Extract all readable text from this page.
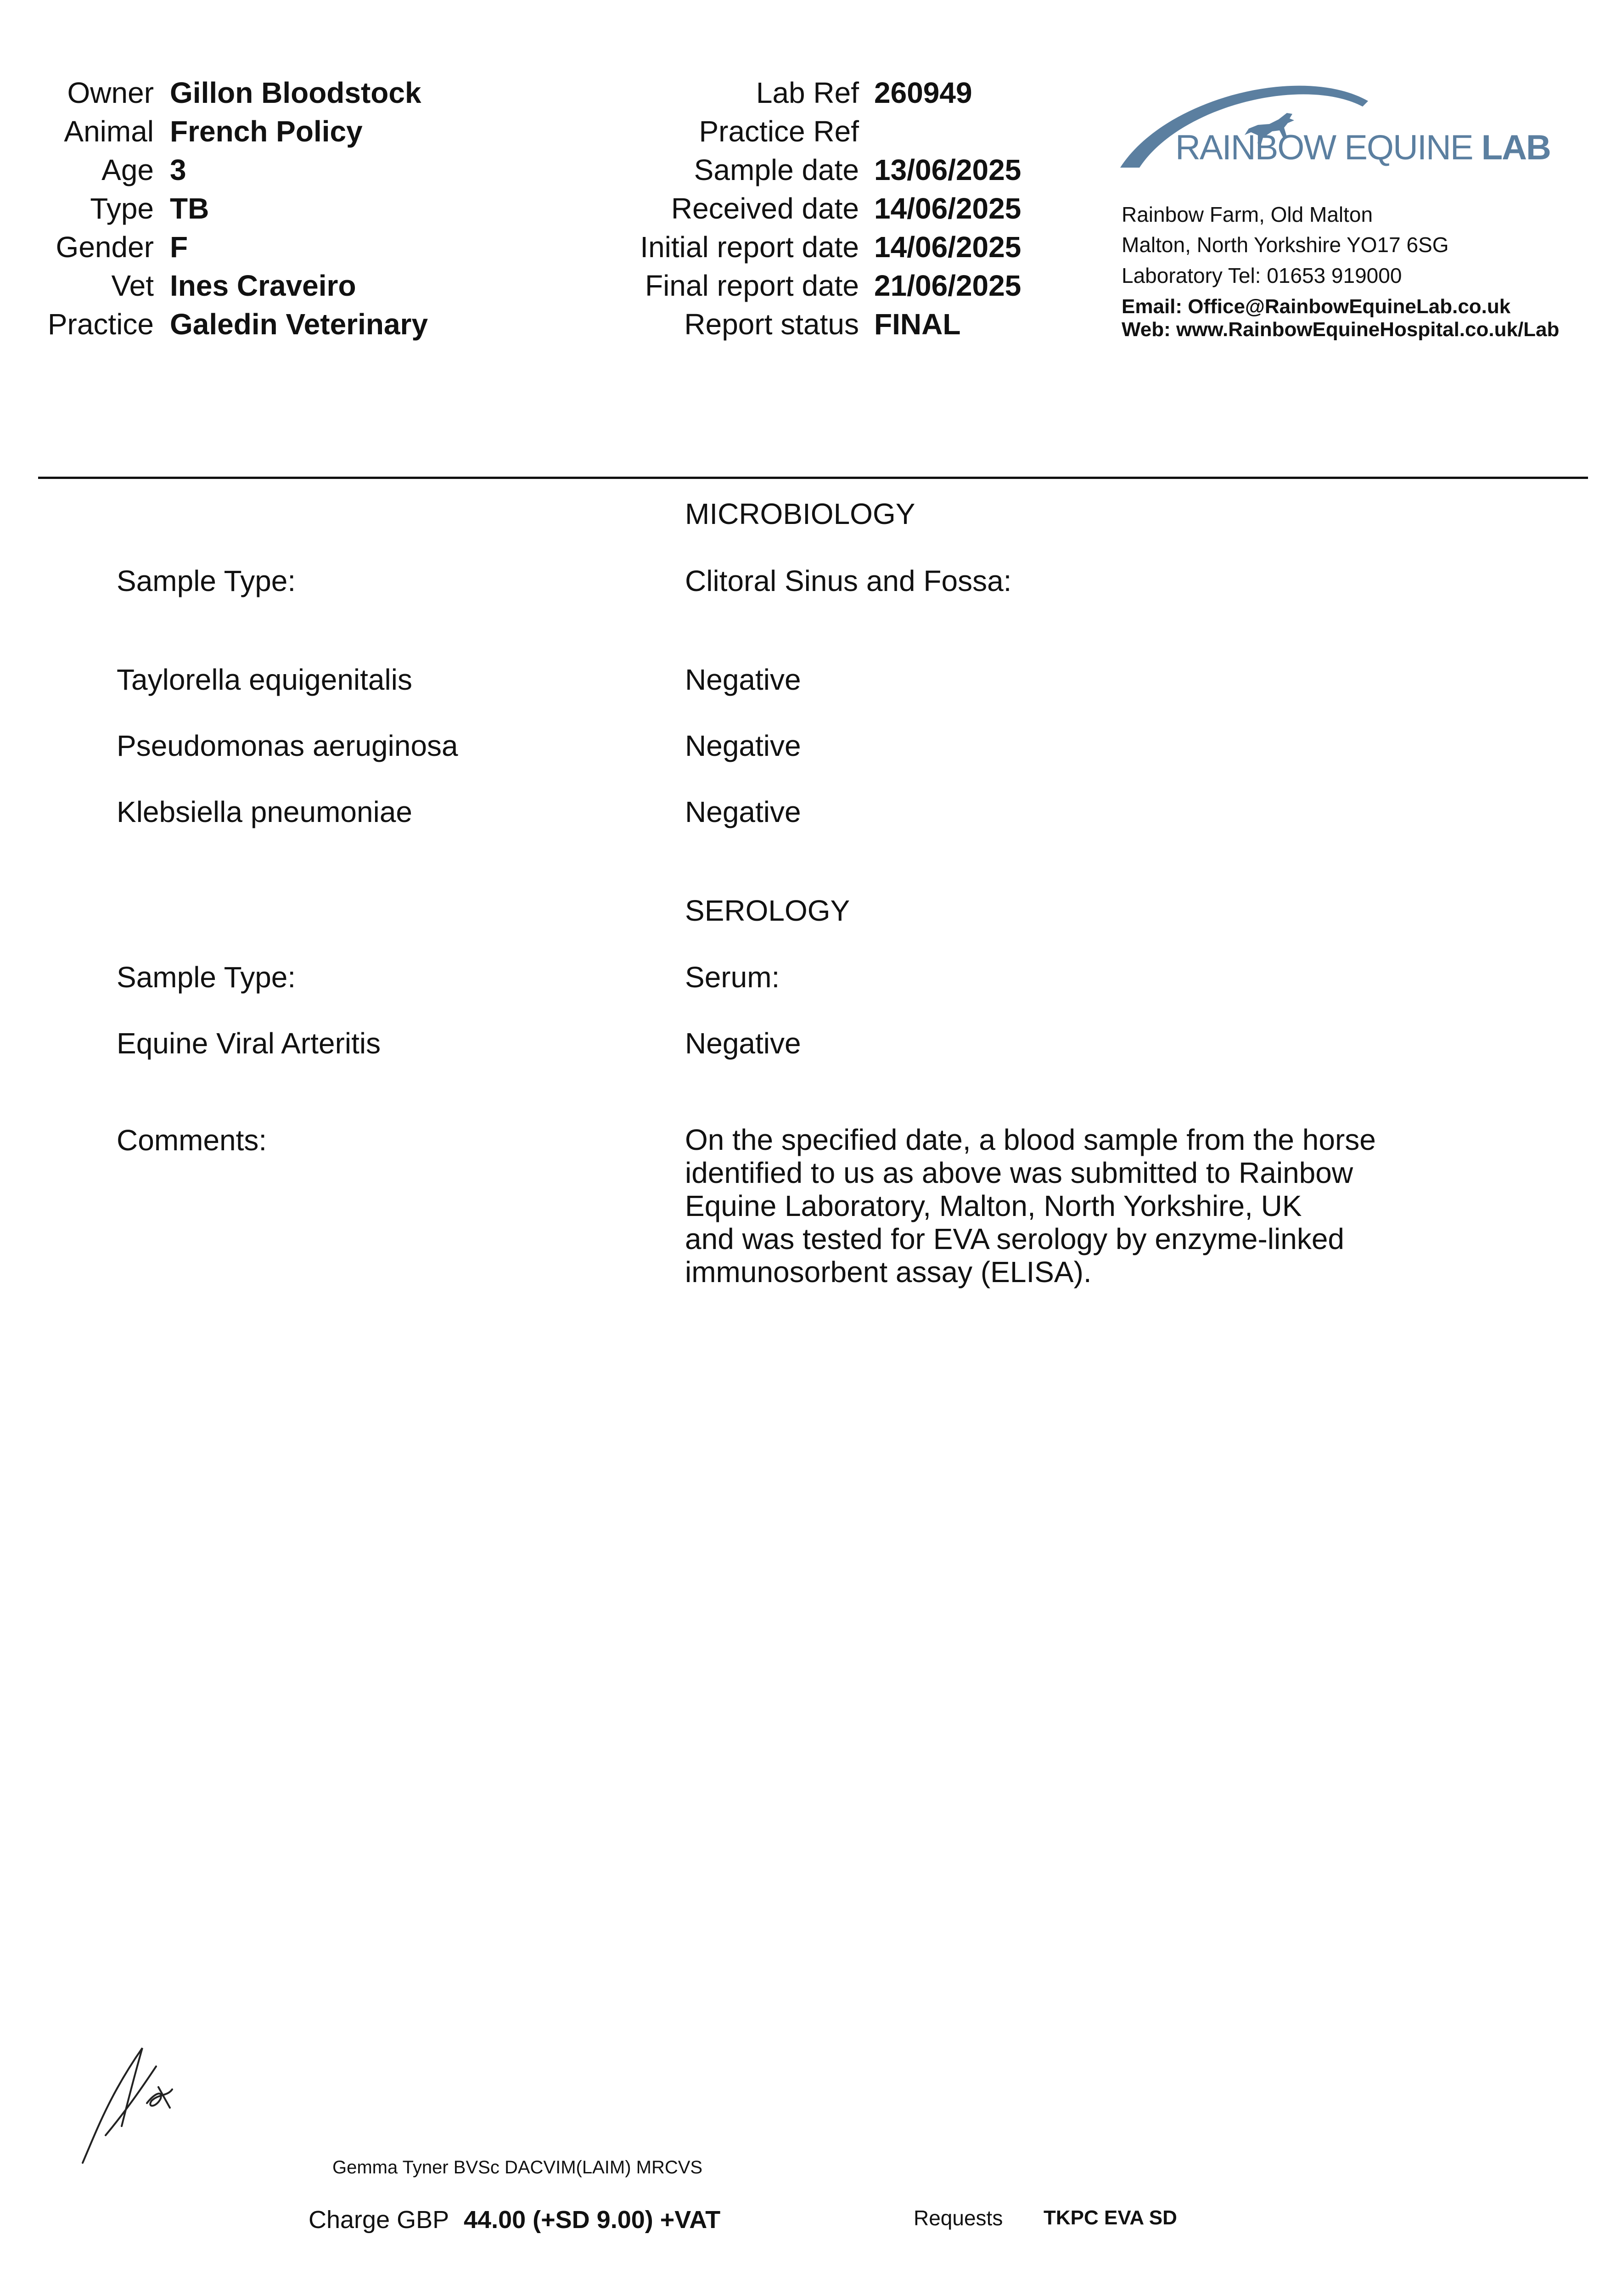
Owner Gillon Bloodstock
Animal French Policy
Age 3
Type TB
Gender F
Vet Ines Craveiro
Practice Galedin Veterinary
Lab Ref 260949
Practice Ref
Sample date 13/06/2025
Received date 14/06/2025
Initial report date 14/06/2025
Final report date 21/06/2025
Report status FINAL
RAINBOW EQUINE LAB
Rainbow Farm, Old Malton
Malton, North Yorkshire YO17 6SG
Laboratory Tel: 01653 919000
Email: Office@RainbowEquineLab.co.uk
Web: www.RainbowEquineHospital.co.uk/Lab
MICROBIOLOGY
Sample Type:	Clitoral Sinus and Fossa:
Taylorella equigenitalis	Negative
Pseudomonas aeruginosa	Negative
Klebsiella pneumoniae	Negative
SEROLOGY
Sample Type:	Serum:
Equine Viral Arteritis	Negative
Comments:	On the specified date, a blood sample from the horse
identified to us as above was submitted to Rainbow
Equine Laboratory, Malton, North Yorkshire, UK
and was tested for EVA serology by enzyme-linked
immunosorbent assay (ELISA).
Gemma Tyner BVSc DACVIM(LAIM) MRCVS
Charge GBP 44.00 (+SD 9.00) +VAT	Requests TKPC EVA SD
